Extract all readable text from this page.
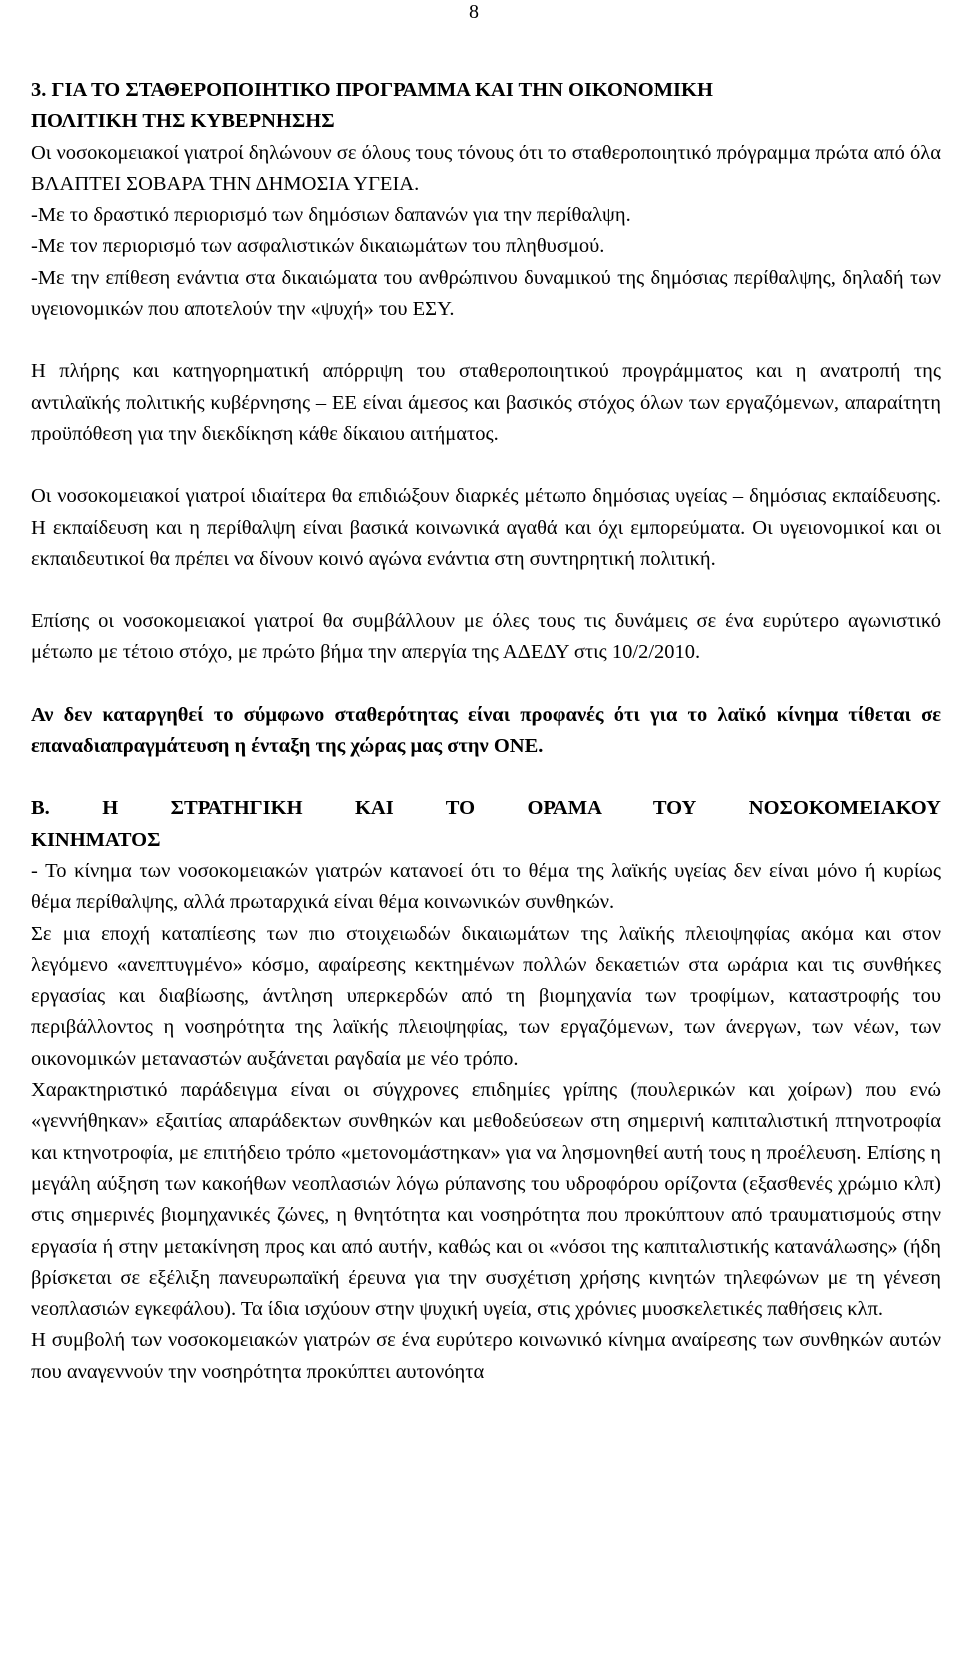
8

3. ΓΙΑ ΤΟ ΣΤΑΘΕΡΟΠΟΙΗΤΙΚΟ ΠΡΟΓΡΑΜΜΑ ΚΑΙ ΤΗΝ ΟΙΚΟΝΟΜΙΚΗ
ΠΟΛΙΤΙΚΗ ΤΗΣ ΚΥΒΕΡΝΗΣΗΣ

Οι νοσοκομειακοί γιατροί δηλώνουν σε όλους τους τόνους ότι το σταθεροποιητικό πρόγραμμα πρώτα από όλα ΒΛΑΠΤΕΙ ΣΟΒΑΡΑ ΤΗΝ ΔΗΜΟΣΙΑ ΥΓΕΙΑ.

-Με το δραστικό περιορισμό των δημόσιων δαπανών για την περίθαλψη.

-Με τον περιορισμό των ασφαλιστικών δικαιωμάτων του πληθυσμού.

-Με την επίθεση ενάντια στα δικαιώματα του ανθρώπινου δυναμικού της δημόσιας περίθαλψης, δηλαδή των υγειονομικών που αποτελούν την «ψυχή» του ΕΣΥ.

Η πλήρης και κατηγορηματική απόρριψη του σταθεροποιητικού προγράμματος και η ανατροπή της αντιλαϊκής πολιτικής κυβέρνησης – ΕΕ είναι άμεσος και βασικός στόχος όλων των εργαζόμενων, απαραίτητη προϋπόθεση για την διεκδίκηση κάθε δίκαιου αιτήματος.

Οι νοσοκομειακοί γιατροί ιδιαίτερα θα επιδιώξουν διαρκές μέτωπο δημόσιας υγείας – δημόσιας εκπαίδευσης. Η εκπαίδευση και η περίθαλψη είναι βασικά κοινωνικά αγαθά και όχι εμπορεύματα. Οι υγειονομικοί και οι εκπαιδευτικοί θα πρέπει να δίνουν κοινό αγώνα ενάντια στη συντηρητική πολιτική.

Επίσης οι νοσοκομειακοί γιατροί θα συμβάλλουν με όλες τους τις δυνάμεις σε ένα ευρύτερο αγωνιστικό μέτωπο με τέτοιο στόχο, με πρώτο βήμα την απεργία της ΑΔΕΔΥ στις 10/2/2010.

Αν δεν καταργηθεί το σύμφωνο σταθερότητας είναι προφανές ότι για το λαϊκό κίνημα τίθεται σε επαναδιαπραγμάτευση η ένταξη της χώρας μας στην ΟΝΕ.

Β. Η ΣΤΡΑΤΗΓΙΚΗ ΚΑΙ ΤΟ ΟΡΑΜΑ ΤΟΥ ΝΟΣΟΚΟΜΕΙΑΚΟΥ
ΚΙΝΗΜΑΤΟΣ

- Το κίνημα των νοσοκομειακών γιατρών κατανοεί ότι το θέμα της λαϊκής υγείας δεν είναι μόνο ή κυρίως θέμα περίθαλψης, αλλά πρωταρχικά είναι θέμα κοινωνικών συνθηκών.

Σε μια εποχή καταπίεσης των πιο στοιχειωδών δικαιωμάτων της λαϊκής πλειοψηφίας ακόμα και στον λεγόμενο «ανεπτυγμένο» κόσμο, αφαίρεσης κεκτημένων πολλών δεκαετιών στα ωράρια και τις συνθήκες εργασίας και διαβίωσης, άντληση υπερκερδών από τη βιομηχανία των τροφίμων, καταστροφής του περιβάλλοντος η νοσηρότητα της λαϊκής πλειοψηφίας, των εργαζόμενων, των άνεργων, των νέων, των οικονομικών μεταναστών αυξάνεται ραγδαία με νέο τρόπο.

Χαρακτηριστικό παράδειγμα είναι οι σύγχρονες επιδημίες γρίπης (πουλερικών και χοίρων) που ενώ «γεννήθηκαν» εξαιτίας απαράδεκτων συνθηκών και μεθοδεύσεων στη σημερινή καπιταλιστική πτηνοτροφία και κτηνοτροφία, με επιτήδειο τρόπο «μετονομάστηκαν» για να λησμονηθεί αυτή τους η προέλευση. Επίσης η μεγάλη αύξηση των κακοήθων νεοπλασιών λόγω ρύπανσης του υδροφόρου ορίζοντα (εξασθενές χρώμιο κλπ) στις σημερινές βιομηχανικές ζώνες, η θνητότητα και νοσηρότητα που προκύπτουν από τραυματισμούς στην εργασία ή στην μετακίνηση προς και από αυτήν, καθώς και οι «νόσοι της καπιταλιστικής κατανάλωσης» (ήδη βρίσκεται σε εξέλιξη πανευρωπαϊκή έρευνα για την συσχέτιση χρήσης κινητών τηλεφώνων με τη γένεση νεοπλασιών εγκεφάλου). Τα ίδια ισχύουν στην ψυχική υγεία, στις χρόνιες μυοσκελετικές παθήσεις κλπ.

Η συμβολή των νοσοκομειακών γιατρών σε ένα ευρύτερο κοινωνικό κίνημα αναίρεσης των συνθηκών αυτών που αναγεννούν την νοσηρότητα προκύπτει αυτονόητα
